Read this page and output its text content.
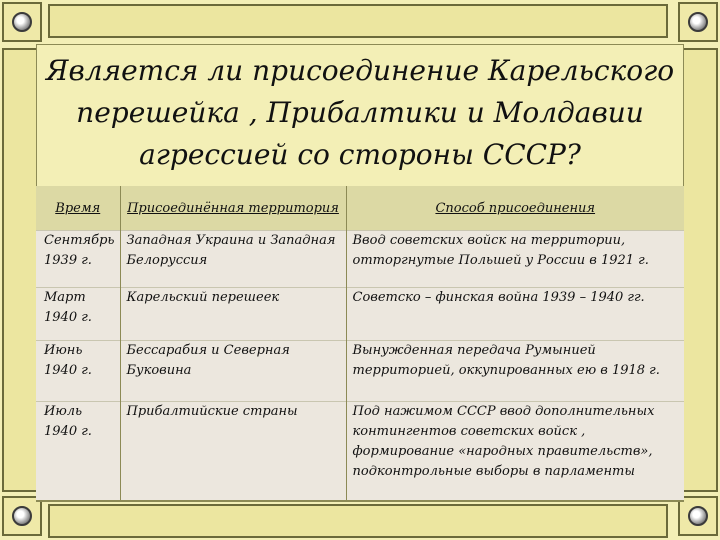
Является ли присоединение Карельского
перешейка , Прибалтики и Молдавии
агрессией со стороны СССР?
Время	Присоединённая территория	Способ присоединения
Сентябрь 1939 г.	Западная Украина и Западная Белоруссия	Ввод советских войск на территории, отторгнутые Польшей у России в 1921 г.
Март 1940 г.	Карельский перешеек	Советско – финская война 1939 – 1940 гг.
Июнь 1940 г.	Бессарабия и Северная Буковина	Вынужденная передача Румынией территорией, оккупированных ею в 1918 г.
Июль 1940 г.	Прибалтийские страны	Под нажимом СССР ввод дополнительных контингентов советских войск , формирование «народных правительств», подконтрольные выборы в парламенты
